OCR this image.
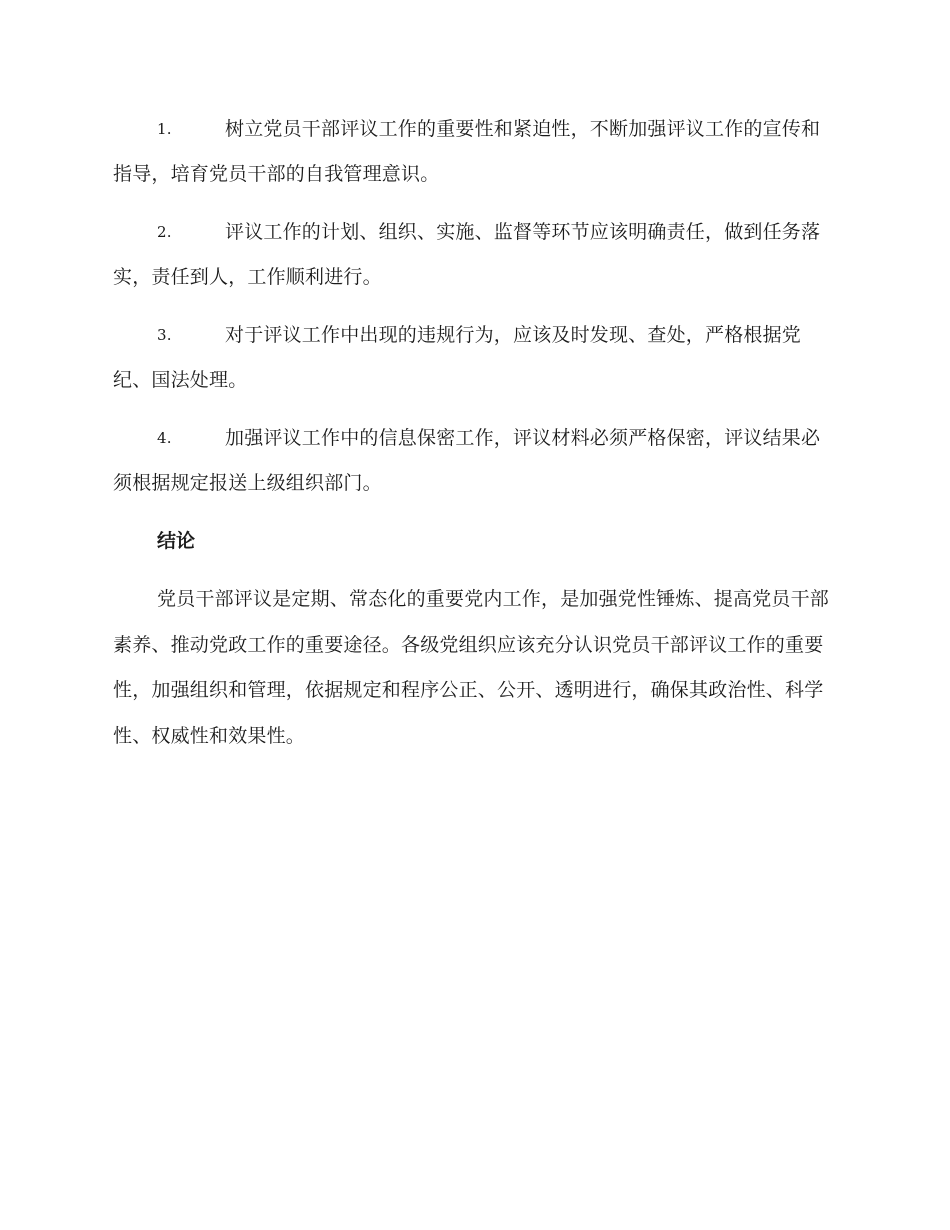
1.	树立党员干部评议工作的重要性和紧迫性，不断加强评议工作的宣传和指导，培育党员干部的自我管理意识。
2.	评议工作的计划、组织、实施、监督等环节应该明确责任，做到任务落实，责任到人，工作顺利进行。
3.	对于评议工作中出现的违规行为，应该及时发现、查处，严格根据党纪、国法处理。
4.	加强评议工作中的信息保密工作，评议材料必须严格保密，评议结果必须根据规定报送上级组织部门。
结论

党员干部评议是定期、常态化的重要党内工作，是加强党性锤炼、提高党员干部素养、推动党政工作的重要途径。各级党组织应该充分认识党员干部评议工作的重要性，加强组织和管理，依据规定和程序公正、公开、透明进行，确保其政治性、科学性、权威性和效果性。
